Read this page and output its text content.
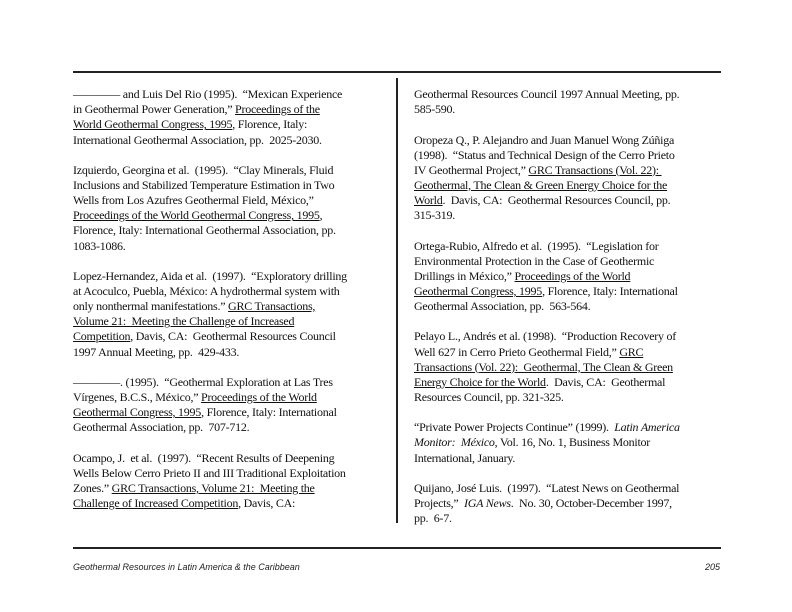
———— and Luis Del Rio (1995).  “Mexican Experience
in Geothermal Power Generation,” Proceedings of the
World Geothermal Congress, 1995, Florence, Italy:
International Geothermal Association, pp.  2025-2030.
Izquierdo, Georgina et al.  (1995).  “Clay Minerals, Fluid
Inclusions and Stabilized Temperature Estimation in Two
Wells from Los Azufres Geothermal Field, México,”
Proceedings of the World Geothermal Congress, 1995,
Florence, Italy: International Geothermal Association, pp.
1083-1086.
Lopez-Hernandez, Aida et al.  (1997).  “Exploratory drilling
at Acoculco, Puebla, México: A hydrothermal system with
only nonthermal manifestations.” GRC Transactions,
Volume 21:  Meeting the Challenge of Increased
Competition, Davis, CA:  Geothermal Resources Council
1997 Annual Meeting, pp.  429-433.
————. (1995).  “Geothermal Exploration at Las Tres
Vírgenes, B.C.S., México,” Proceedings of the World
Geothermal Congress, 1995, Florence, Italy: International
Geothermal Association, pp.  707-712.
Ocampo, J.  et al.  (1997).  “Recent Results of Deepening
Wells Below Cerro Prieto II and III Traditional Exploitation
Zones.” GRC Transactions, Volume 21:  Meeting the
Challenge of Increased Competition, Davis, CA:
Geothermal Resources Council 1997 Annual Meeting, pp.
585-590.
Oropeza Q., P. Alejandro and Juan Manuel Wong Zúñiga
(1998).  “Status and Technical Design of the Cerro Prieto
IV Geothermal Project,” GRC Transactions (Vol. 22):
Geothermal, The Clean & Green Energy Choice for the
World.  Davis, CA:  Geothermal Resources Council, pp.
315-319.
Ortega-Rubio, Alfredo et al.  (1995).  “Legislation for
Environmental Protection in the Case of Geothermic
Drillings in México,” Proceedings of the World
Geothermal Congress, 1995, Florence, Italy: International
Geothermal Association, pp.  563-564.
Pelayo L., Andrés et al. (1998).  “Production Recovery of
Well 627 in Cerro Prieto Geothermal Field,” GRC
Transactions (Vol. 22):  Geothermal, The Clean & Green
Energy Choice for the World.  Davis, CA:  Geothermal
Resources Council, pp. 321-325.
“Private Power Projects Continue” (1999).  Latin America
Monitor:  México, Vol. 16, No. 1, Business Monitor
International, January.
Quijano, José Luis.  (1997).  “Latest News on Geothermal
Projects,”  IGA News.  No. 30, October-December 1997,
pp.  6-7.
Geothermal Resources in Latin America & the Caribbean	205
